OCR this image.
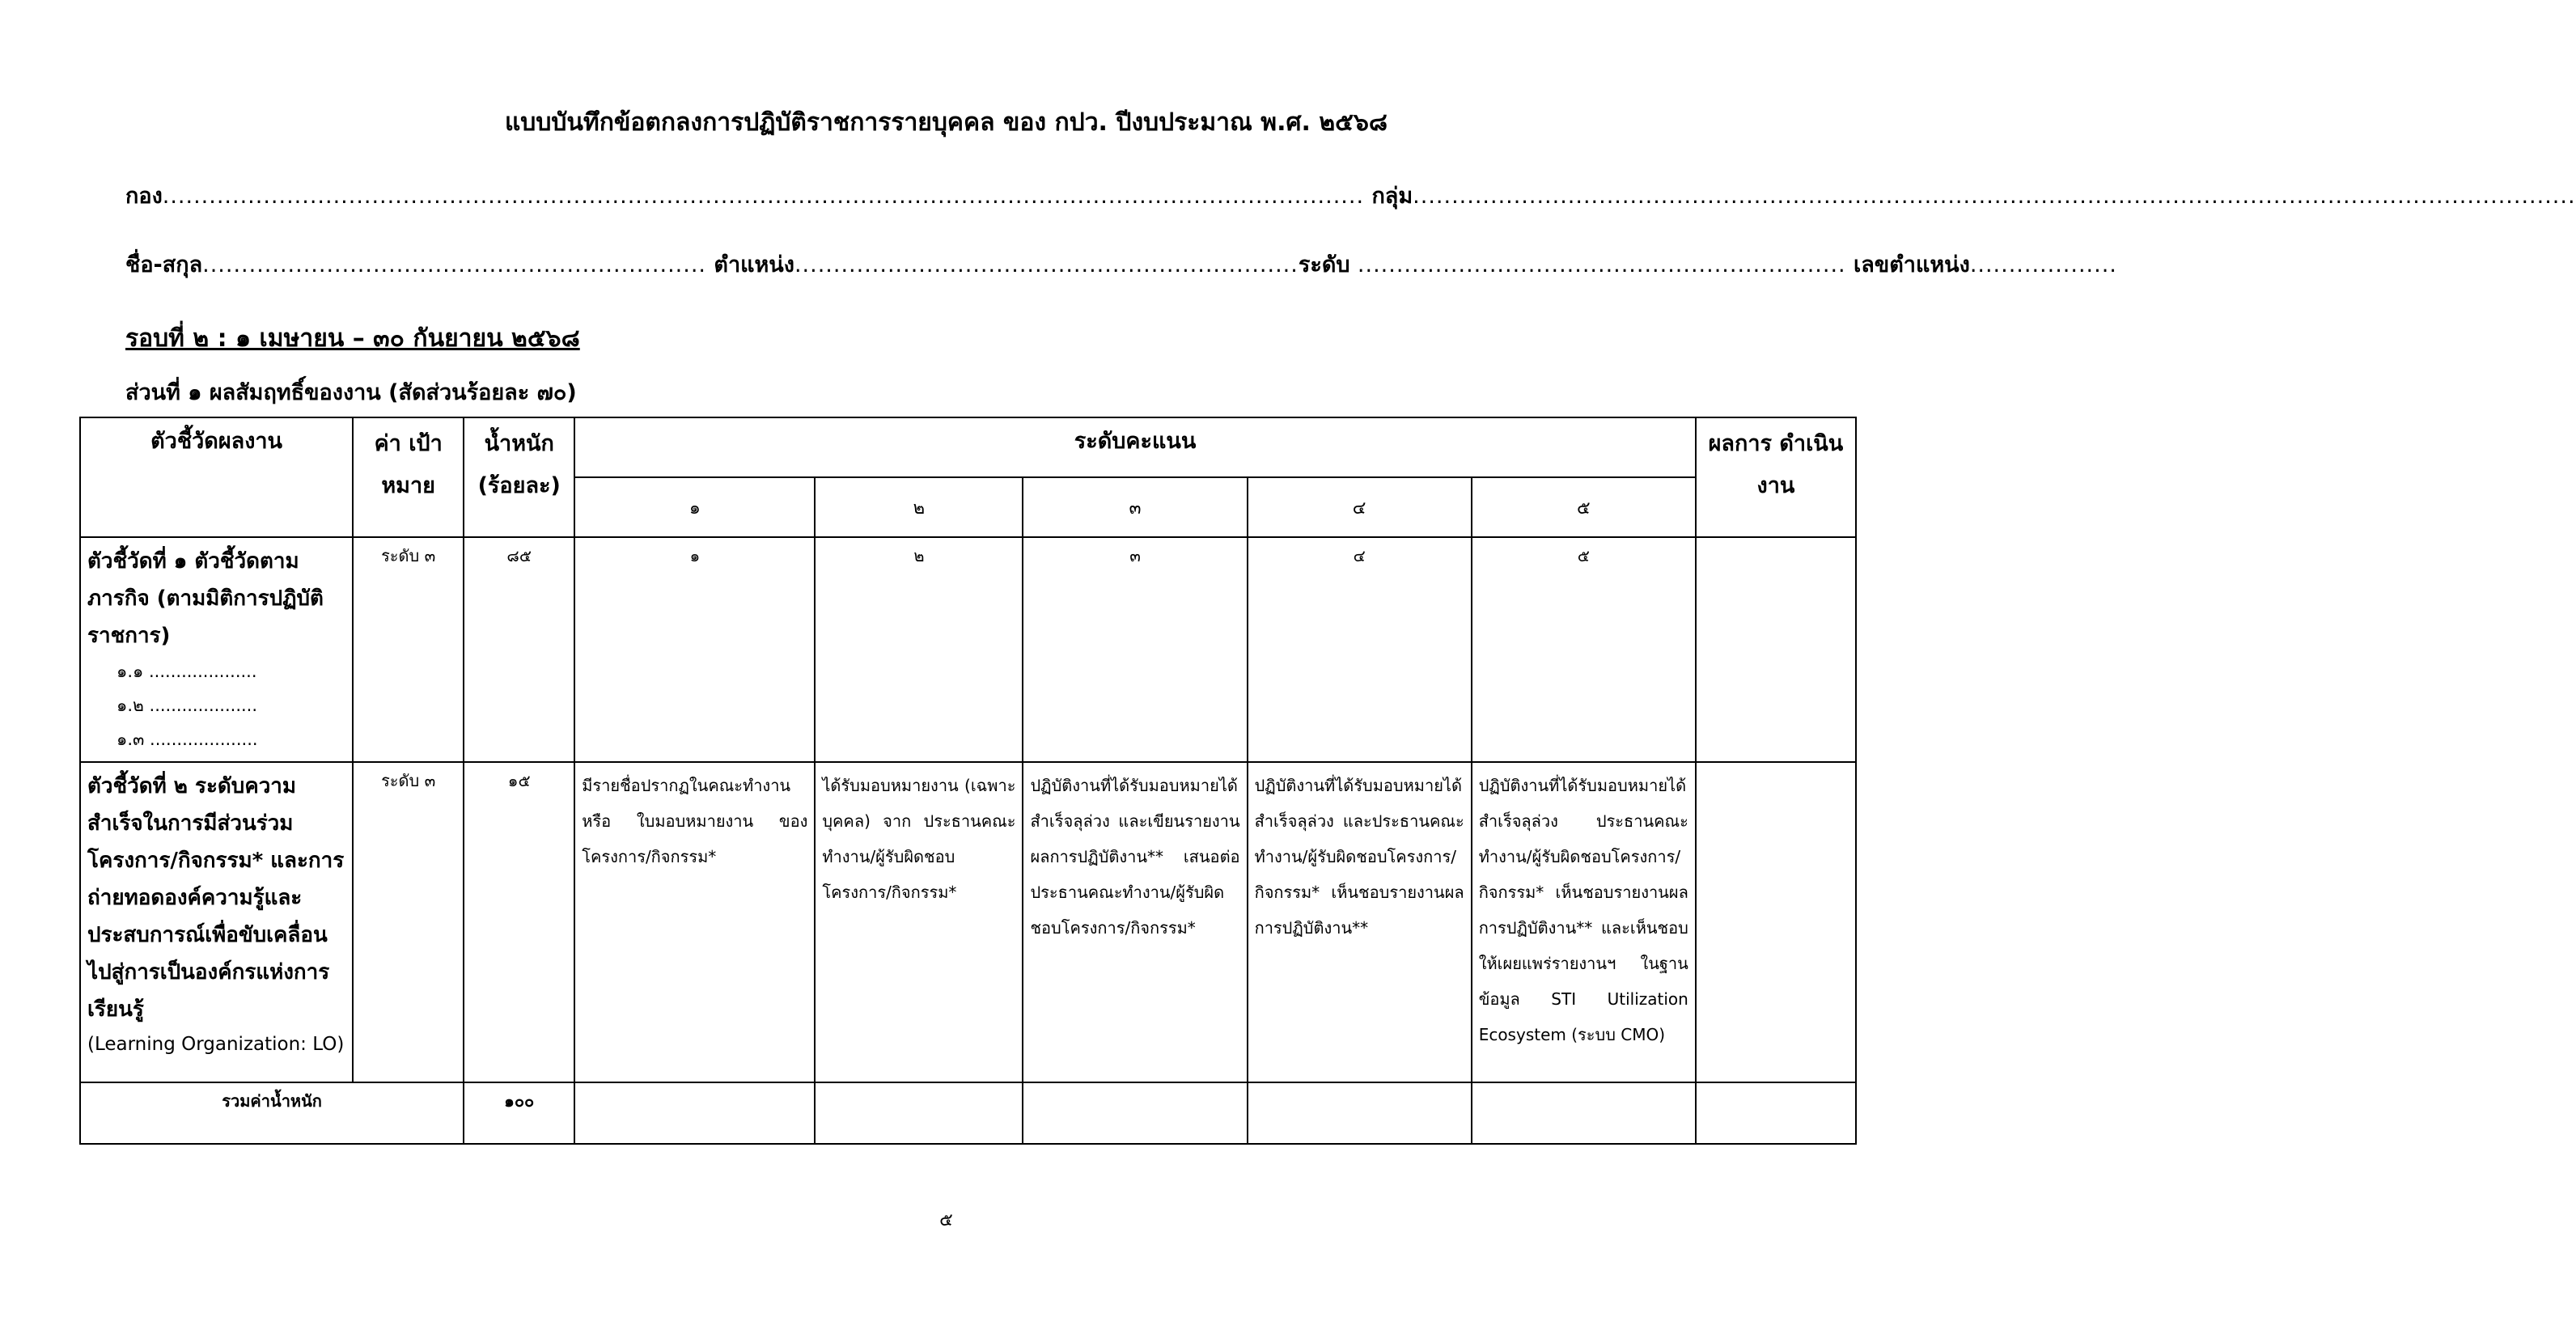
แบบบันทึกข้อตกลงการปฏิบัติราชการรายบุคคล ของ กปว. ปีงบประมาณ พ.ศ. ๒๕๖๘
กอง........................................................................................................................................................... กลุ่ม......................................................................................................................................................
ชื่อ-สกุล................................................................. ตำแหน่ง.................................................................ระดับ ............................................................... เลขตำแหน่ง...................
รอบที่ ๒ : ๑ เมษายน – ๓๐ กันยายน ๒๕๖๘
ส่วนที่ ๑ ผลสัมฤทธิ์ของงาน (สัดส่วนร้อยละ ๗๐)
ตัวชี้วัดผลงาน	ค่า เป้าหมาย	น้ำหนัก (ร้อยละ)	ระดับคะแนน					ผลการ ดำเนินงาน
			๑	๒	๓	๔	๕	

ตัวชี้วัดที่ ๑ ตัวชี้วัดตามภารกิจ (ตามมิติการปฏิบัติราชการ)
๑.๑ ....................
๑.๒ ....................
๑.๓ ....................	ระดับ ๓	๘๕	๑	๒	๓	๔	๕	

ตัวชี้วัดที่ ๒ ระดับความสำเร็จในการมีส่วนร่วมโครงการ/กิจกรรม* และการถ่ายทอดองค์ความรู้และประสบการณ์เพื่อขับเคลื่อนไปสู่การเป็นองค์กรแห่งการเรียนรู้
(Learning Organization: LO)	ระดับ ๓	๑๕	มีรายชื่อปรากฏในคณะทำงาน หรือ ใบมอบหมายงาน ของโครงการ/กิจกรรม*	ได้รับมอบหมายงาน (เฉพาะบุคคล) จาก ประธานคณะทำงาน/ผู้รับผิดชอบโครงการ/กิจกรรม*	ปฏิบัติงานที่ได้รับมอบหมายได้สำเร็จลุล่วง และเขียนรายงานผลการปฏิบัติงาน** เสนอต่อประธานคณะทำงาน/ผู้รับผิดชอบโครงการ/กิจกรรม*	ปฏิบัติงานที่ได้รับมอบหมายได้สำเร็จลุล่วง และประธานคณะทำงาน/ผู้รับผิดชอบโครงการ/กิจกรรม* เห็นชอบรายงานผลการปฏิบัติงาน**	ปฏิบัติงานที่ได้รับมอบหมายได้สำเร็จลุล่วง ประธานคณะทำงาน/ผู้รับผิดชอบโครงการ/กิจกรรม* เห็นชอบรายงานผลการปฏิบัติงาน** และเห็นชอบให้เผยแพร่รายงานฯ ในฐานข้อมูล STI Utilization Ecosystem (ระบบ CMO)	
รวมค่าน้ำหนัก		๑๐๐						
๕
